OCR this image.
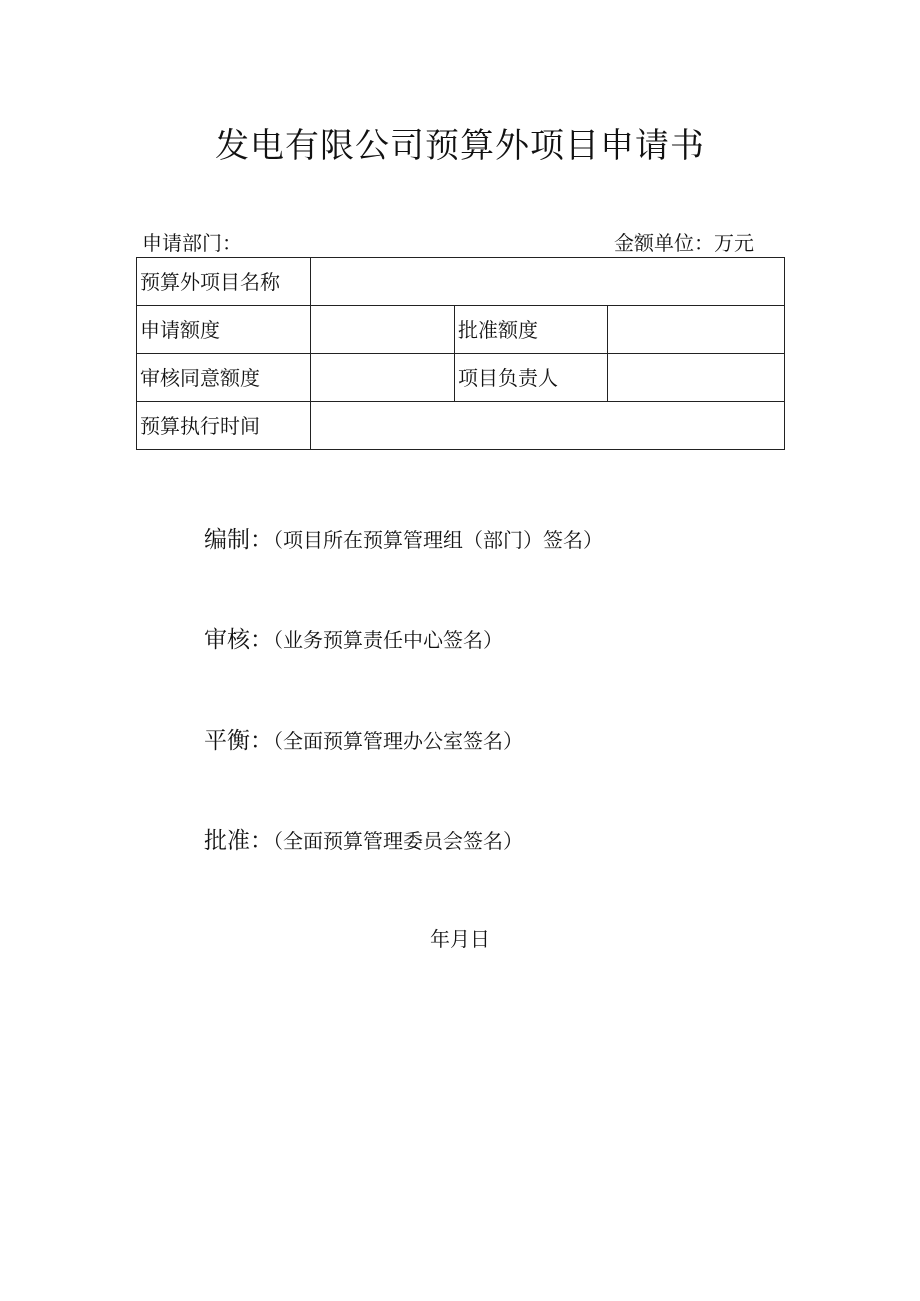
发电有限公司预算外项目申请书
申请部门：	金额单位：万元
预算外项目名称			
申请额度		批准额度	
审核同意额度		项目负责人	
预算执行时间			
编制：（项目所在预算管理组（部门）签名）
审核：（业务预算责任中心签名）
平衡：（全面预算管理办公室签名）
批准：（全面预算管理委员会签名）
年月日
